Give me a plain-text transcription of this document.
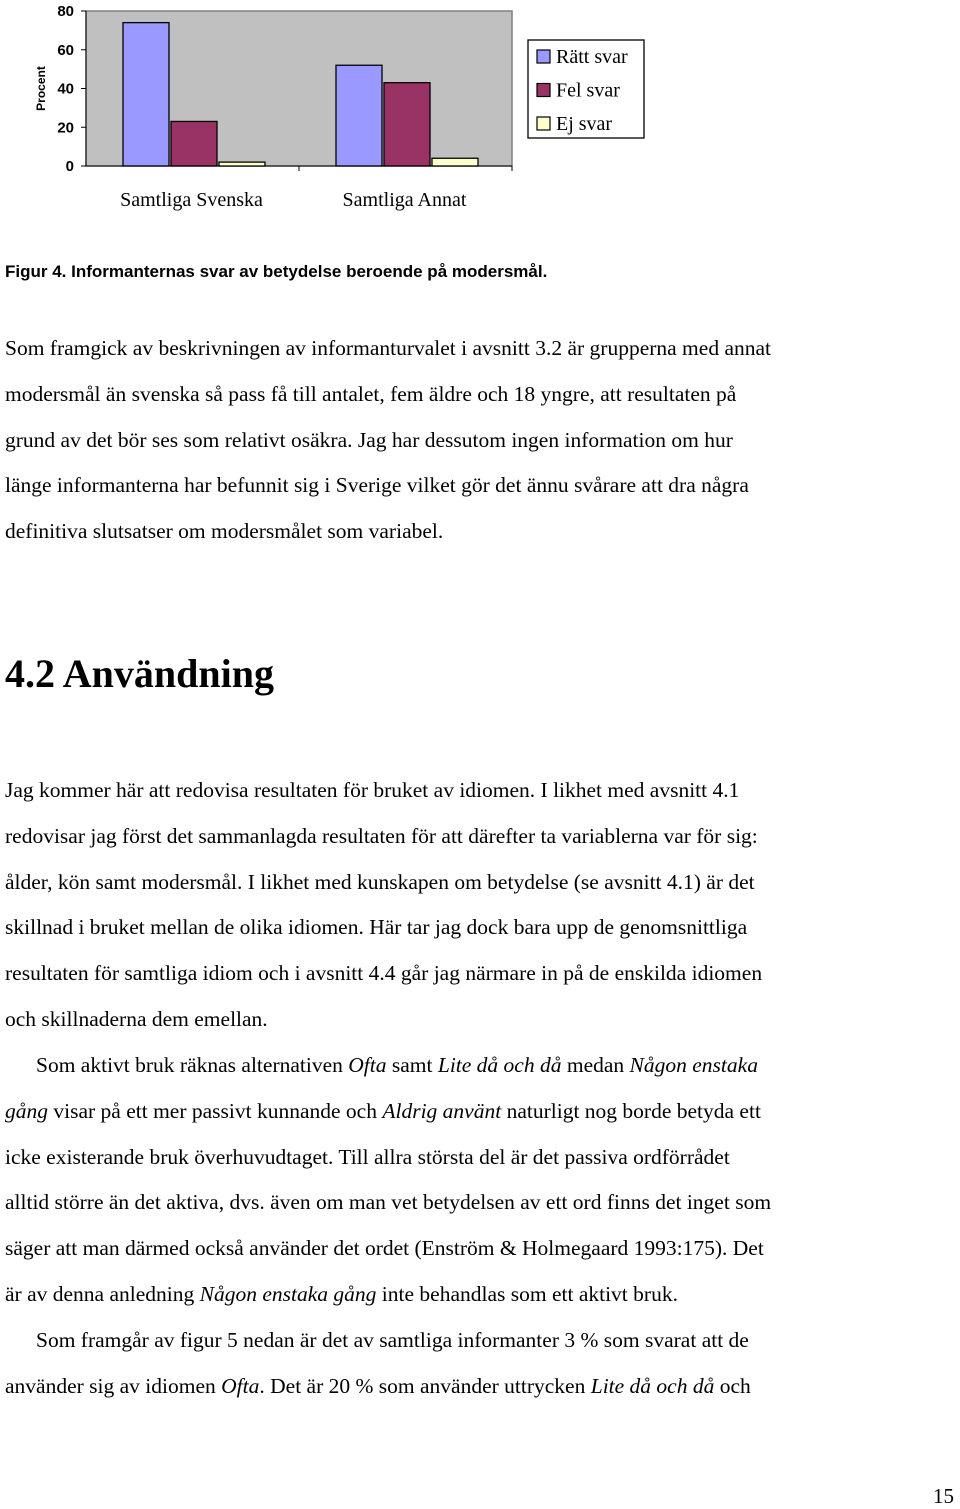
0
20
40
60
80
Procent
Samtliga Svenska	Samtliga Annat
Rätt svar
Fel svar
Ej svar
Figur 4. Informanternas svar av betydelse beroende på modersmål.

Som framgick av beskrivningen av informanturvalet i avsnitt 3.2 är grupperna med annat
modersmål än svenska så pass få till antalet, fem äldre och 18 yngre, att resultaten på
grund av det bör ses som relativt osäkra. Jag har dessutom ingen information om hur
länge informanterna har befunnit sig i Sverige vilket gör det ännu svårare att dra några
definitiva slutsatser om modersmålet som variabel.

4.2 Användning

Jag kommer här att redovisa resultaten för bruket av idiomen. I likhet med avsnitt 4.1
redovisar jag först det sammanlagda resultaten för att därefter ta variablerna var för sig:
ålder, kön samt modersmål. I likhet med kunskapen om betydelse (se avsnitt 4.1) är det
skillnad i bruket mellan de olika idiomen. Här tar jag dock bara upp de genomsnittliga
resultaten för samtliga idiom och i avsnitt 4.4 går jag närmare in på de enskilda idiomen
och skillnaderna dem emellan.

Som aktivt bruk räknas alternativen Ofta samt Lite då och då medan Någon enstaka
gång visar på ett mer passivt kunnande och Aldrig använt naturligt nog borde betyda ett
icke existerande bruk överhuvudtaget. Till allra största del är det passiva ordförrådet
alltid större än det aktiva, dvs. även om man vet betydelsen av ett ord finns det inget som
säger att man därmed också använder det ordet (Enström & Holmegaard 1993:175). Det
är av denna anledning Någon enstaka gång inte behandlas som ett aktivt bruk.

Som framgår av figur 5 nedan är det av samtliga informanter 3 % som svarat att de
använder sig av idiomen Ofta. Det är 20 % som använder uttrycken Lite då och då och

15
